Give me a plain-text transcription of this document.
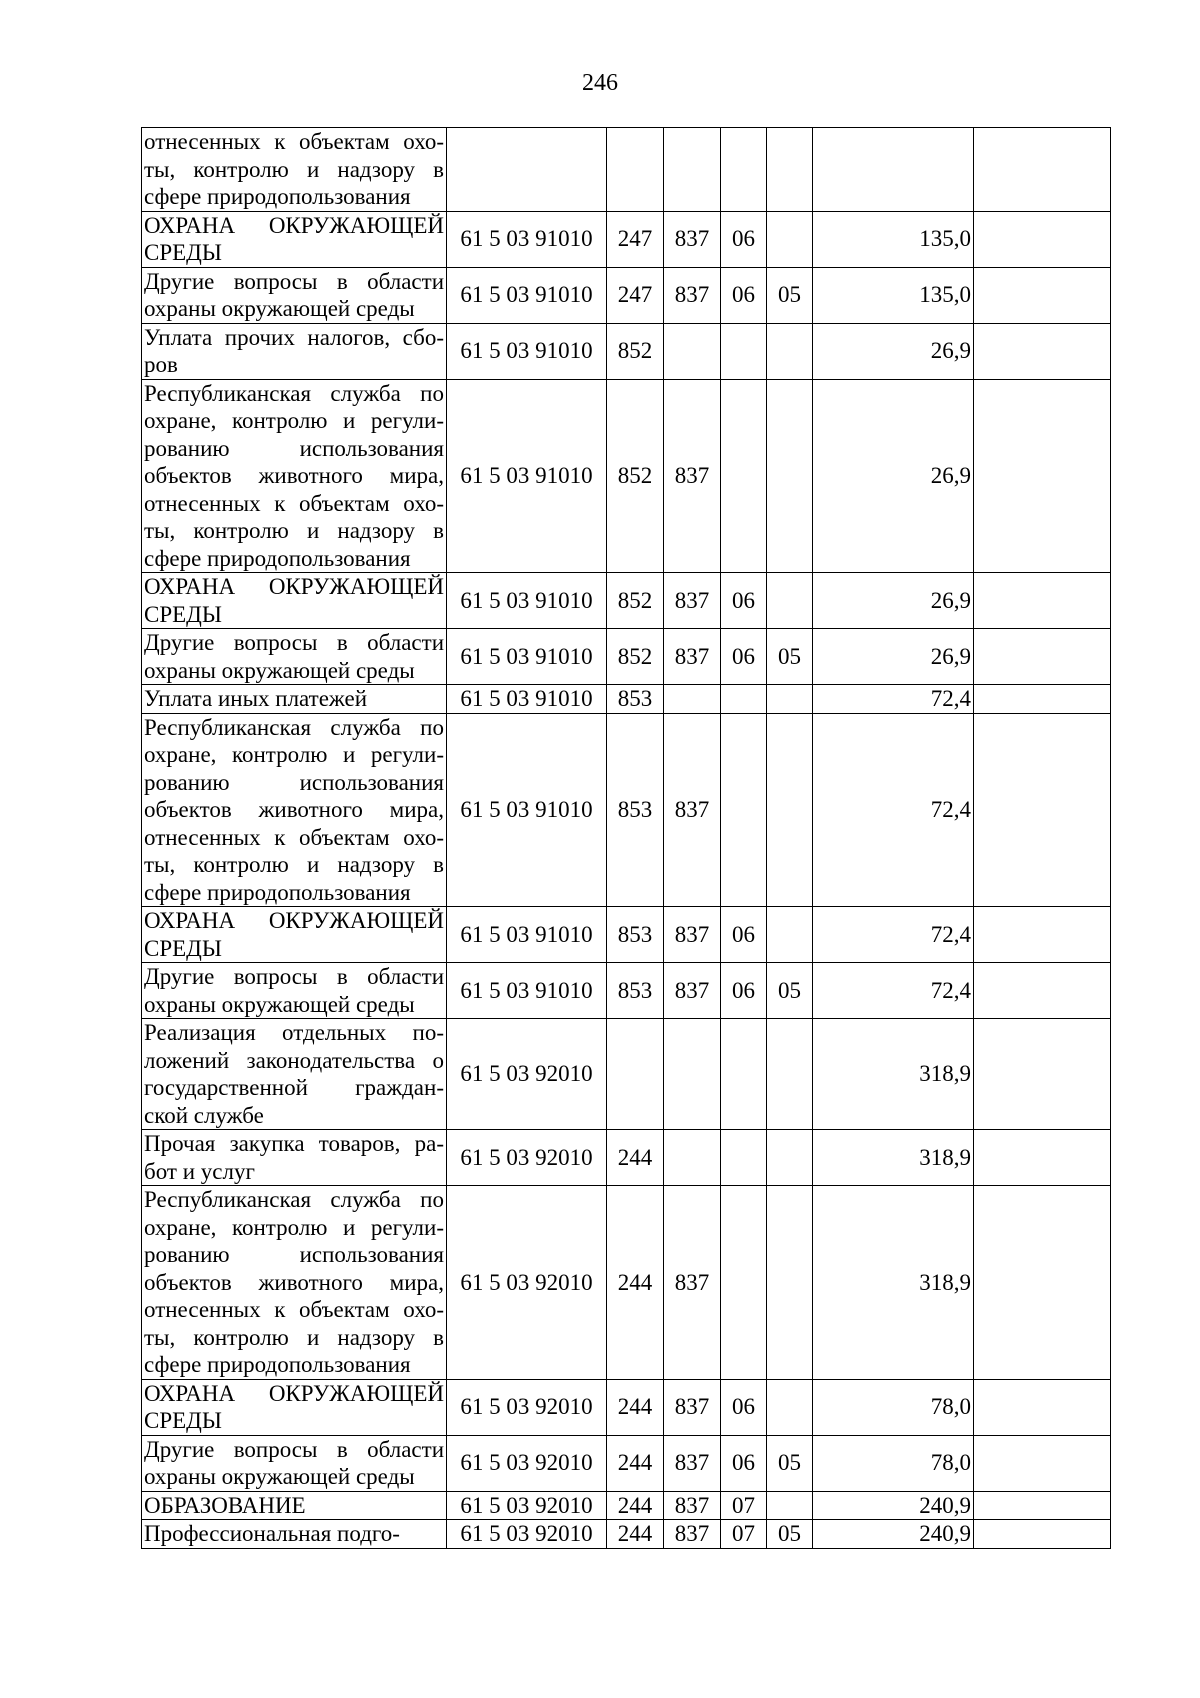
246
отнесенных к объектам охо-ты, контролю и надзору в сфере природопользования							
ОХРАНА ОКРУЖАЮЩЕЙ СРЕДЫ	61 5 03 91010	247	837	06		135,0	
Другие вопросы в области охраны окружающей среды	61 5 03 91010	247	837	06	05	135,0	
Уплата прочих налогов, сбо-ров	61 5 03 91010	852				26,9	
Республиканская служба по охране, контролю и регули-рованию использования объектов животного мира, отнесенных к объектам охо-ты, контролю и надзору в сфере природопользования	61 5 03 91010	852	837			26,9	
ОХРАНА ОКРУЖАЮЩЕЙ СРЕДЫ	61 5 03 91010	852	837	06		26,9	
Другие вопросы в области охраны окружающей среды	61 5 03 91010	852	837	06	05	26,9	
Уплата иных платежей	61 5 03 91010	853				72,4	
Республиканская служба по охране, контролю и регули-рованию использования объектов животного мира, отнесенных к объектам охо-ты, контролю и надзору в сфере природопользования	61 5 03 91010	853	837			72,4	
ОХРАНА ОКРУЖАЮЩЕЙ СРЕДЫ	61 5 03 91010	853	837	06		72,4	
Другие вопросы в области охраны окружающей среды	61 5 03 91010	853	837	06	05	72,4	
Реализация отдельных по-ложений законодательства о государственной граждан-ской службе	61 5 03 92010					318,9	
Прочая закупка товаров, ра-бот и услуг	61 5 03 92010	244				318,9	
Республиканская служба по охране, контролю и регули-рованию использования объектов животного мира, отнесенных к объектам охо-ты, контролю и надзору в сфере природопользования	61 5 03 92010	244	837			318,9	
ОХРАНА ОКРУЖАЮЩЕЙ СРЕДЫ	61 5 03 92010	244	837	06		78,0	
Другие вопросы в области охраны окружающей среды	61 5 03 92010	244	837	06	05	78,0	
ОБРАЗОВАНИЕ	61 5 03 92010	244	837	07		240,9	
Профессиональная подго-	61 5 03 92010	244	837	07	05	240,9	
